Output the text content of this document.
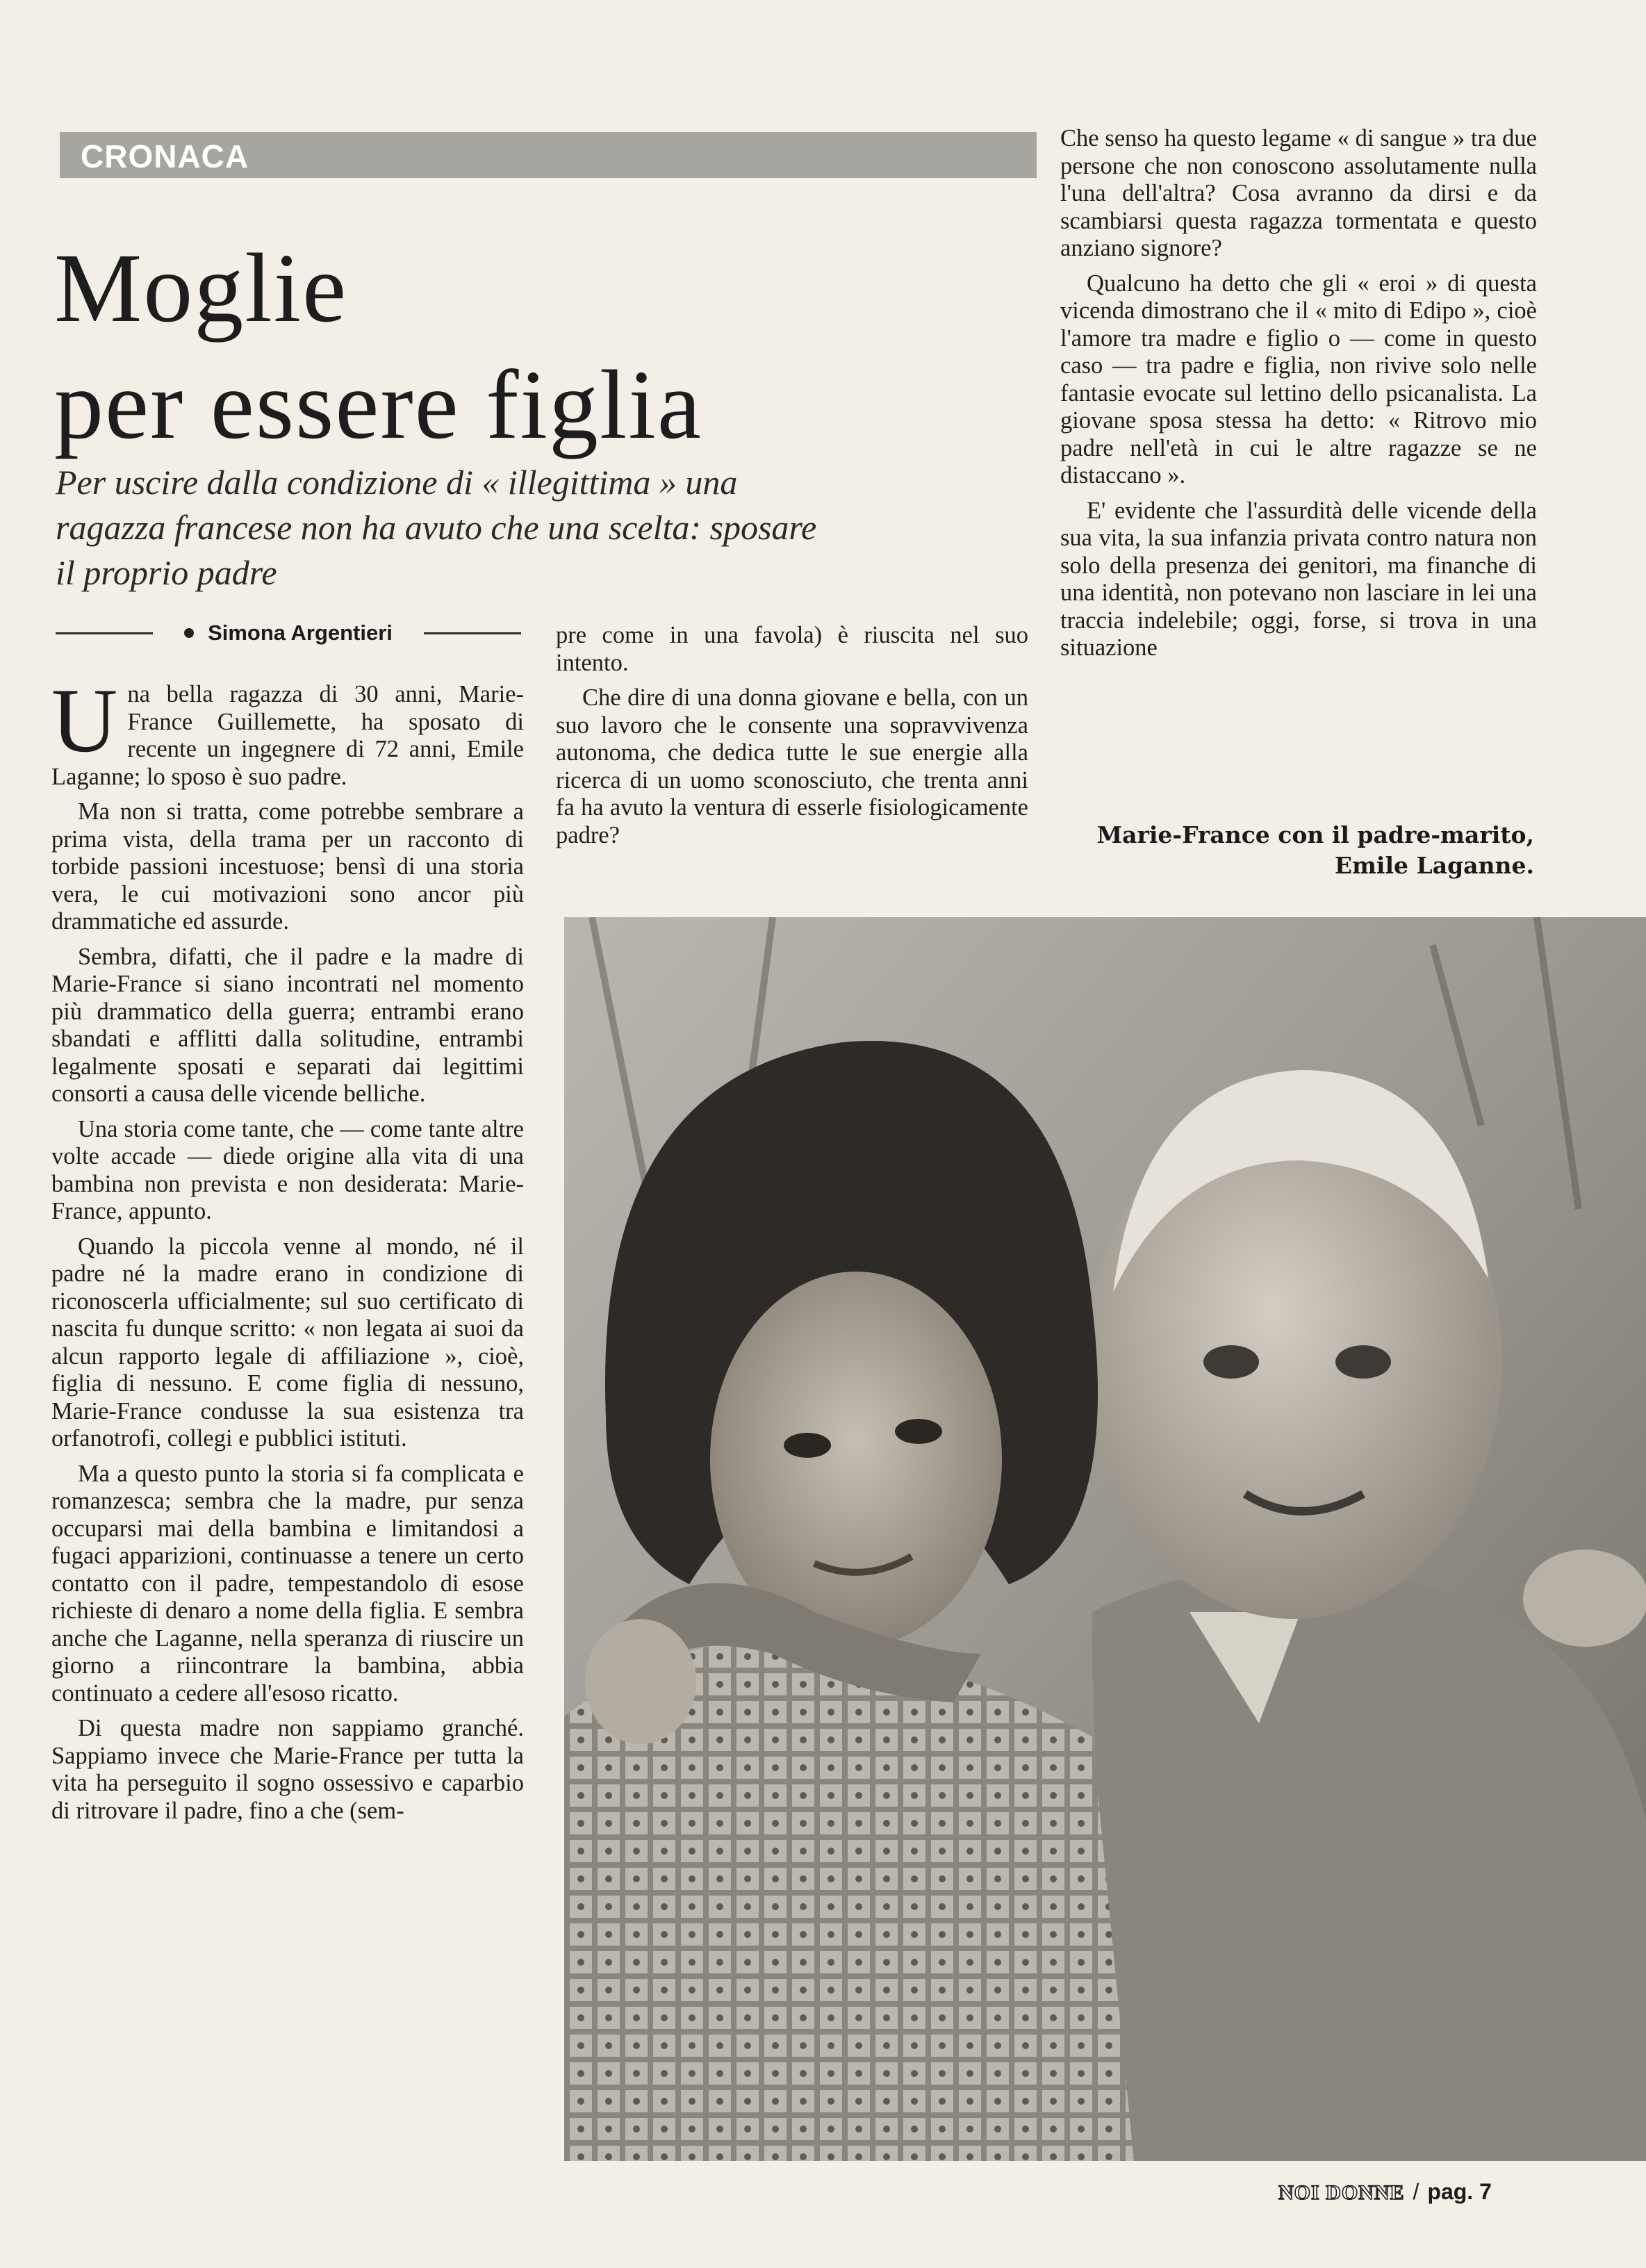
CRONACA
Moglie
per essere figlia
Per uscire dalla condizione di « illegittima » una ragazza francese non ha avuto che una scelta: sposare il proprio padre
Simona Argentieri

Una bella ragazza di 30 anni, Marie-France Guillemette, ha sposato di recente un ingegnere di 72 anni, Emile Laganne; lo sposo è suo padre.

Ma non si tratta, come potrebbe sembrare a prima vista, della trama per un racconto di torbide passioni incestuose; bensì di una storia vera, le cui motivazioni sono ancor più drammatiche ed assurde.

Sembra, difatti, che il padre e la madre di Marie-France si siano incontrati nel momento più drammatico della guerra; entrambi erano sbandati e afflitti dalla solitudine, entrambi legalmente sposati e separati dai legittimi consorti a causa delle vicende belliche.

Una storia come tante, che — come tante altre volte accade — diede origine alla vita di una bambina non prevista e non desiderata: Marie-France, appunto.

Quando la piccola venne al mondo, né il padre né la madre erano in condizione di riconoscerla ufficialmente; sul suo certificato di nascita fu dunque scritto: « non legata ai suoi da alcun rapporto legale di affiliazione », cioè, figlia di nessuno. E come figlia di nessuno, Marie-France condusse la sua esistenza tra orfanotrofi, collegi e pubblici istituti.

Ma a questo punto la storia si fa complicata e romanzesca; sembra che la madre, pur senza occuparsi mai della bambina e limitandosi a fugaci apparizioni, continuasse a tenere un certo contatto con il padre, tempestandolo di esose richieste di denaro a nome della figlia. E sembra anche che Laganne, nella speranza di riuscire un giorno a riincontrare la bambina, abbia continuato a cedere all'esoso ricatto.

Di questa madre non sappiamo granché. Sappiamo invece che Marie-France per tutta la vita ha perseguito il sogno ossessivo e caparbio di ritrovare il padre, fino a che (sem-

pre come in una favola) è riuscita nel suo intento.

Che dire di una donna giovane e bella, con un suo lavoro che le consente una sopravvivenza autonoma, che dedica tutte le sue energie alla ricerca di un uomo sconosciuto, che trenta anni fa ha avuto la ventura di esserle fisiologicamente padre?

Che senso ha questo legame « di sangue » tra due persone che non conoscono assolutamente nulla l'una dell'altra? Cosa avranno da dirsi e da scambiarsi questa ragazza tormentata e questo anziano signore?

Qualcuno ha detto che gli « eroi » di questa vicenda dimostrano che il « mito di Edipo », cioè l'amore tra madre e figlio o — come in questo caso — tra padre e figlia, non rivive solo nelle fantasie evocate sul lettino dello psicanalista. La giovane sposa stessa ha detto: « Ritrovo mio padre nell'età in cui le altre ragazze se ne distaccano ».

E' evidente che l'assurdità delle vicende della sua vita, la sua infanzia privata contro natura non solo della presenza dei genitori, ma finanche di una identità, non potevano non lasciare in lei una traccia indelebile; oggi, forse, si trova in una situazione

Marie-France con il padre-marito,
Emile Laganne.
NOI DONNE / pag. 7
